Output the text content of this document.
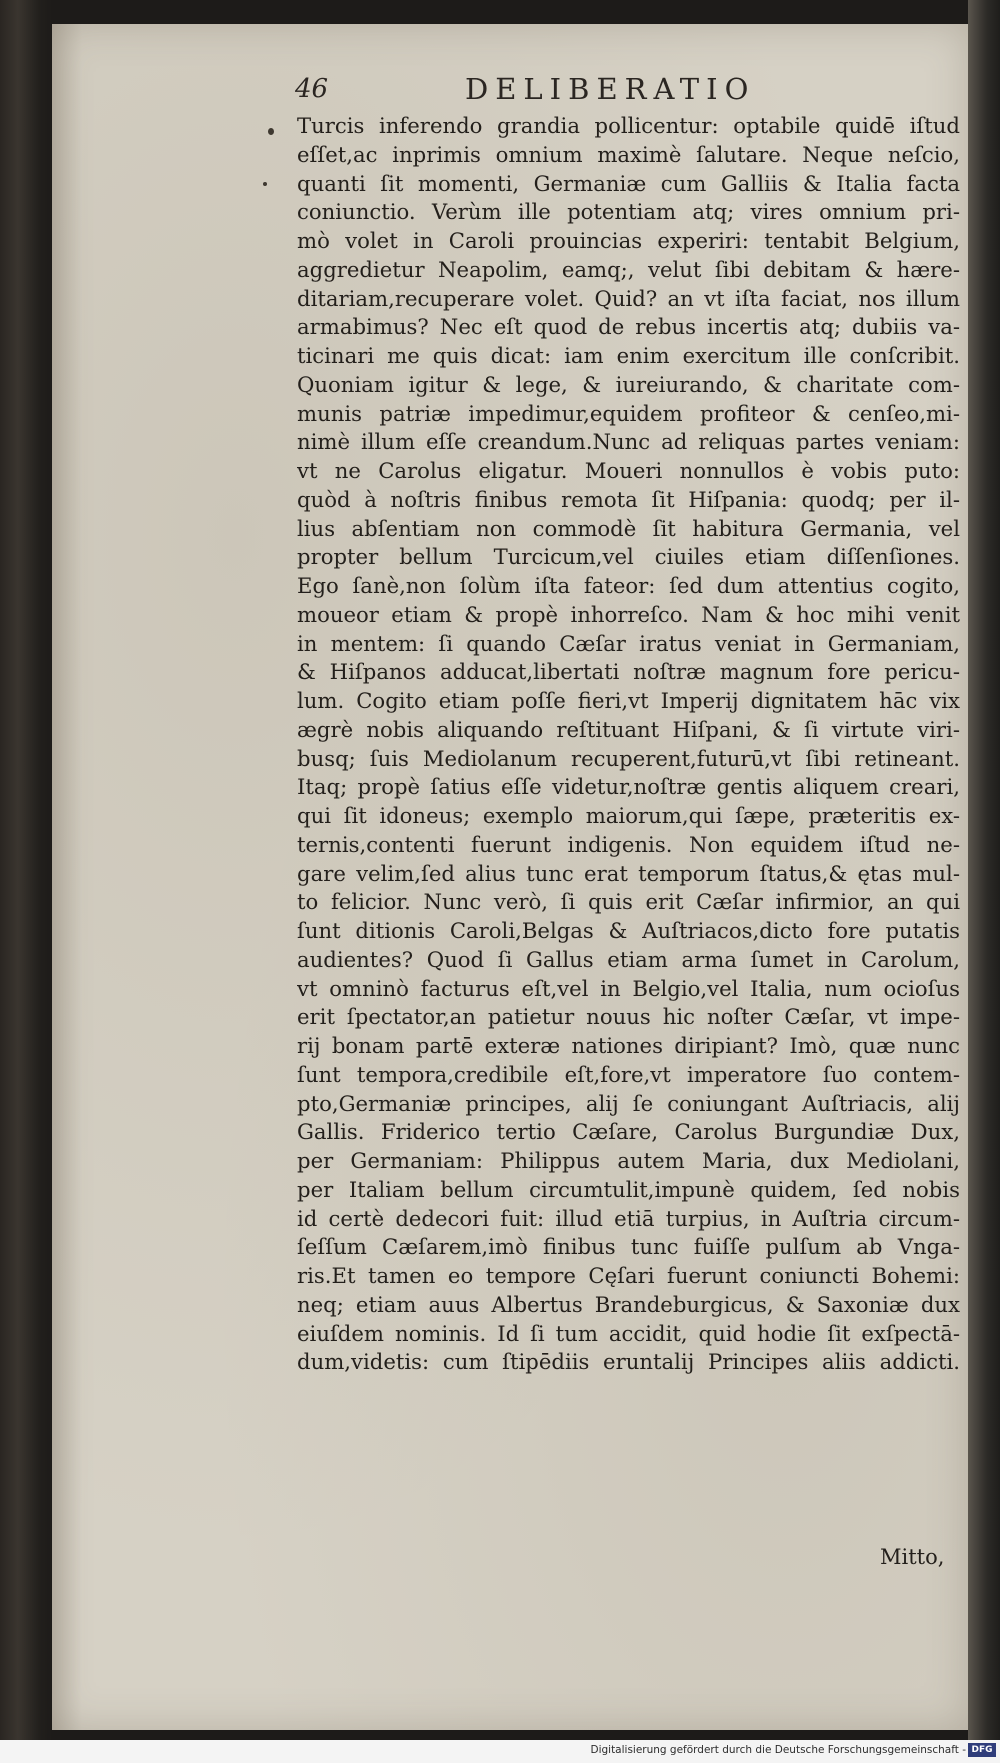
46	DELIBERATIO
Turcis inferendo grandia pollicentur: optabile quidē iſtud
eſſet,ac inprimis omnium maximè ſalutare. Neque neſcio,
quanti ſit momenti, Germaniæ cum Galliis & Italia facta
coniunctio. Verùm ille potentiam atq; vires omnium pri-
mò volet in Caroli prouincias experiri: tentabit Belgium,
aggredietur Neapolim, eamq;, velut ſibi debitam & hære-
ditariam,recuperare volet. Quid? an vt iſta faciat, nos illum
armabimus? Nec eſt quod de rebus incertis atq; dubiis va-
ticinari me quis dicat: iam enim exercitum ille conſcribit.
Quoniam igitur & lege, & iureiurando, & charitate com-
munis patriæ impedimur,equidem profiteor & cenſeo,mi-
nimè illum eſſe creandum.Nunc ad reliquas partes veniam:
vt ne Carolus eligatur. Moueri nonnullos è vobis puto:
quòd à noſtris finibus remota ſit Hiſpania: quodq; per il-
lius abſentiam non commodè ſit habitura Germania, vel
propter bellum Turcicum,vel ciuiles etiam diſſenſiones.
Ego ſanè,non ſolùm iſta fateor: ſed dum attentius cogito,
moueor etiam & propè inhorreſco. Nam & hoc mihi venit
in mentem: ſi quando Cæſar iratus veniat in Germaniam,
& Hiſpanos adducat,libertati noſtræ magnum fore pericu-
lum. Cogito etiam poſſe fieri,vt Imperij dignitatem hāc vix
ægrè nobis aliquando reſtituant Hiſpani, & ſi virtute viri-
busq; ſuis Mediolanum recuperent,futurū,vt ſibi retineant.
Itaq; propè ſatius eſſe videtur,noſtræ gentis aliquem creari,
qui ſit idoneus; exemplo maiorum,qui ſæpe, præteritis ex-
ternis,contenti fuerunt indigenis. Non equidem iſtud ne-
gare velim,ſed alius tunc erat temporum ſtatus,& ętas mul-
to felicior. Nunc verò, ſi quis erit Cæſar infirmior, an qui
ſunt ditionis Caroli,Belgas & Auſtriacos,dicto fore putatis
audientes? Quod ſi Gallus etiam arma ſumet in Carolum,
vt omninò facturus eſt,vel in Belgio,vel Italia, num ocioſus
erit ſpectator,an patietur nouus hic noſter Cæſar, vt impe-
rij bonam partē exteræ nationes diripiant? Imò, quæ nunc
ſunt tempora,credibile eſt,fore,vt imperatore ſuo contem-
pto,Germaniæ principes, alij ſe coniungant Auſtriacis, alij
Gallis. Friderico tertio Cæſare, Carolus Burgundiæ Dux,
per Germaniam: Philippus autem Maria, dux Mediolani,
per Italiam bellum circumtulit,impunè quidem, ſed nobis
id certè dedecori fuit: illud etiā turpius, in Auſtria circum-
ſeſſum Cæſarem,imò finibus tunc fuiſſe pulſum ab Vnga-
ris.Et tamen eo tempore Cęſari fuerunt coniuncti Bohemi:
neq; etiam auus Albertus Brandeburgicus, & Saxoniæ dux
eiuſdem nominis. Id ſi tum accidit, quid hodie ſit exſpectā-
dum,videtis: cum ſtipēdiis eruntalij Principes aliis addicti.
Mitto,
Digitalisierung gefördert durch die Deutsche Forschungsgemeinschaft - DFG
